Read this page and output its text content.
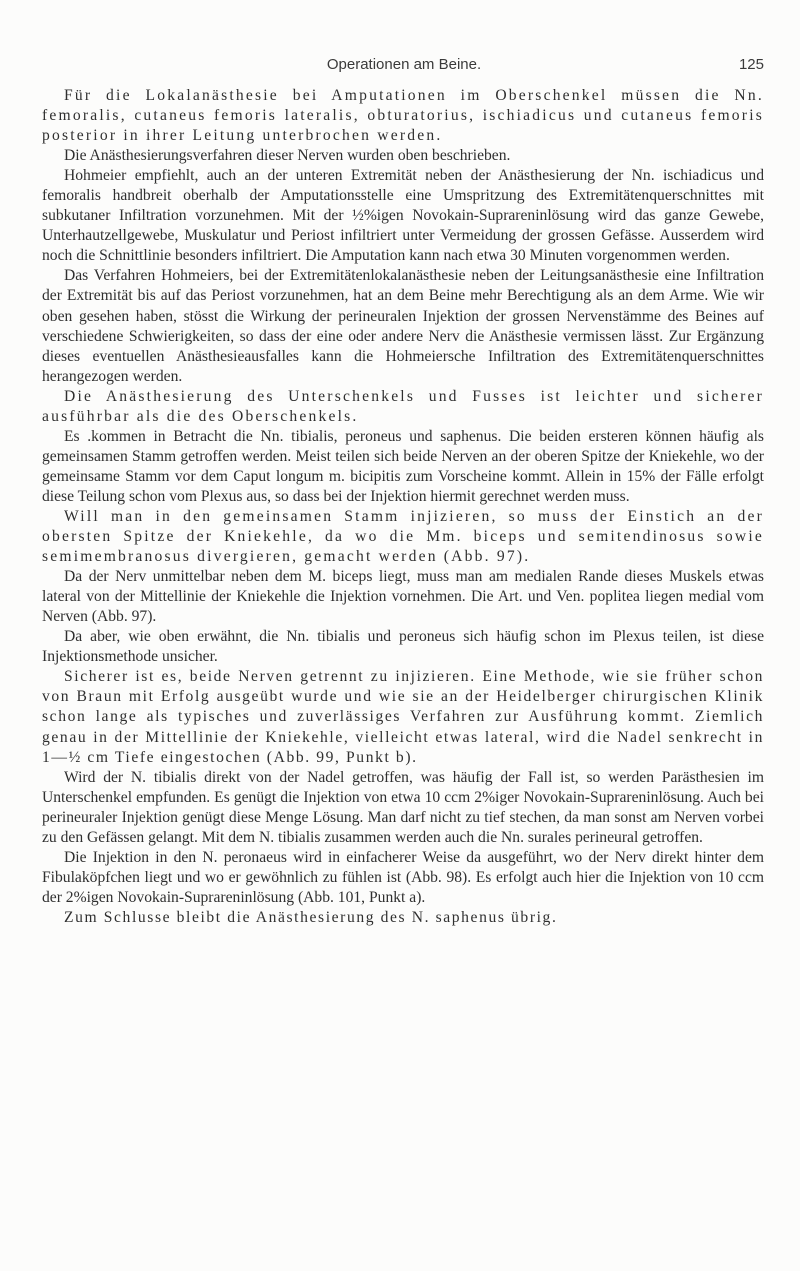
Operationen am Beine.	125

Für die Lokalanästhesie bei Amputationen im Oberschenkel müssen die Nn. femoralis, cutaneus femoris lateralis, obturatorius, ischiadicus und cutaneus femoris posterior in ihrer Leitung unterbrochen werden.

Die Anästhesierungsverfahren dieser Nerven wurden oben beschrieben.

Hohmeier empfiehlt, auch an der unteren Extremität neben der Anästhesierung der Nn. ischiadicus und femoralis handbreit oberhalb der Amputationsstelle eine Umspritzung des Extremitätenquerschnittes mit subkutaner Infiltration vorzunehmen. Mit der ½%igen Novokain-Suprareninlösung wird das ganze Gewebe, Unterhautzellgewebe, Muskulatur und Periost infiltriert unter Vermeidung der grossen Gefässe. Ausserdem wird noch die Schnittlinie besonders infiltriert. Die Amputation kann nach etwa 30 Minuten vorgenommen werden.

Das Verfahren Hohmeiers, bei der Extremitätenlokalanästhesie neben der Leitungsanästhesie eine Infiltration der Extremität bis auf das Periost vorzunehmen, hat an dem Beine mehr Berechtigung als an dem Arme. Wie wir oben gesehen haben, stösst die Wirkung der perineuralen Injektion der grossen Nervenstämme des Beines auf verschiedene Schwierigkeiten, so dass der eine oder andere Nerv die Anästhesie vermissen lässt. Zur Ergänzung dieses eventuellen Anästhesieausfalles kann die Hohmeiersche Infiltration des Extremitätenquerschnittes herangezogen werden.

Die Anästhesierung des Unterschenkels und Fusses ist leichter und sicherer ausführbar als die des Oberschenkels.

Es .kommen in Betracht die Nn. tibialis, peroneus und saphenus. Die beiden ersteren können häufig als gemeinsamen Stamm getroffen werden. Meist teilen sich beide Nerven an der oberen Spitze der Kniekehle, wo der gemeinsame Stamm vor dem Caput longum m. bicipitis zum Vorscheine kommt. Allein in 15% der Fälle erfolgt diese Teilung schon vom Plexus aus, so dass bei der Injektion hiermit gerechnet werden muss.

Will man in den gemeinsamen Stamm injizieren, so muss der Einstich an der obersten Spitze der Kniekehle, da wo die Mm. biceps und semitendinosus sowie semimembranosus divergieren, gemacht werden (Abb. 97).

Da der Nerv unmittelbar neben dem M. biceps liegt, muss man am medialen Rande dieses Muskels etwas lateral von der Mittellinie der Kniekehle die Injektion vornehmen. Die Art. und Ven. poplitea liegen medial vom Nerven (Abb. 97).

Da aber, wie oben erwähnt, die Nn. tibialis und peroneus sich häufig schon im Plexus teilen, ist diese Injektionsmethode unsicher.

Sicherer ist es, beide Nerven getrennt zu injizieren. Eine Methode, wie sie früher schon von Braun mit Erfolg ausgeübt wurde und wie sie an der Heidelberger chirurgischen Klinik schon lange als typisches und zuverlässiges Verfahren zur Ausführung kommt. Ziemlich genau in der Mittellinie der Kniekehle, vielleicht etwas lateral, wird die Nadel senkrecht in 1—½ cm Tiefe eingestochen (Abb. 99, Punkt b).

Wird der N. tibialis direkt von der Nadel getroffen, was häufig der Fall ist, so werden Parästhesien im Unterschenkel empfunden. Es genügt die Injektion von etwa 10 ccm 2%iger Novokain-Suprareninlösung. Auch bei perineuraler Injektion genügt diese Menge Lösung. Man darf nicht zu tief stechen, da man sonst am Nerven vorbei zu den Gefässen gelangt. Mit dem N. tibialis zusammen werden auch die Nn. surales perineural getroffen.

Die Injektion in den N. peronaeus wird in einfacherer Weise da ausgeführt, wo der Nerv direkt hinter dem Fibulaköpfchen liegt und wo er gewöhnlich zu fühlen ist (Abb. 98). Es erfolgt auch hier die Injektion von 10 ccm der 2%igen Novokain-Suprareninlösung (Abb. 101, Punkt a).

Zum Schlusse bleibt die Anästhesierung des N. saphenus übrig.
